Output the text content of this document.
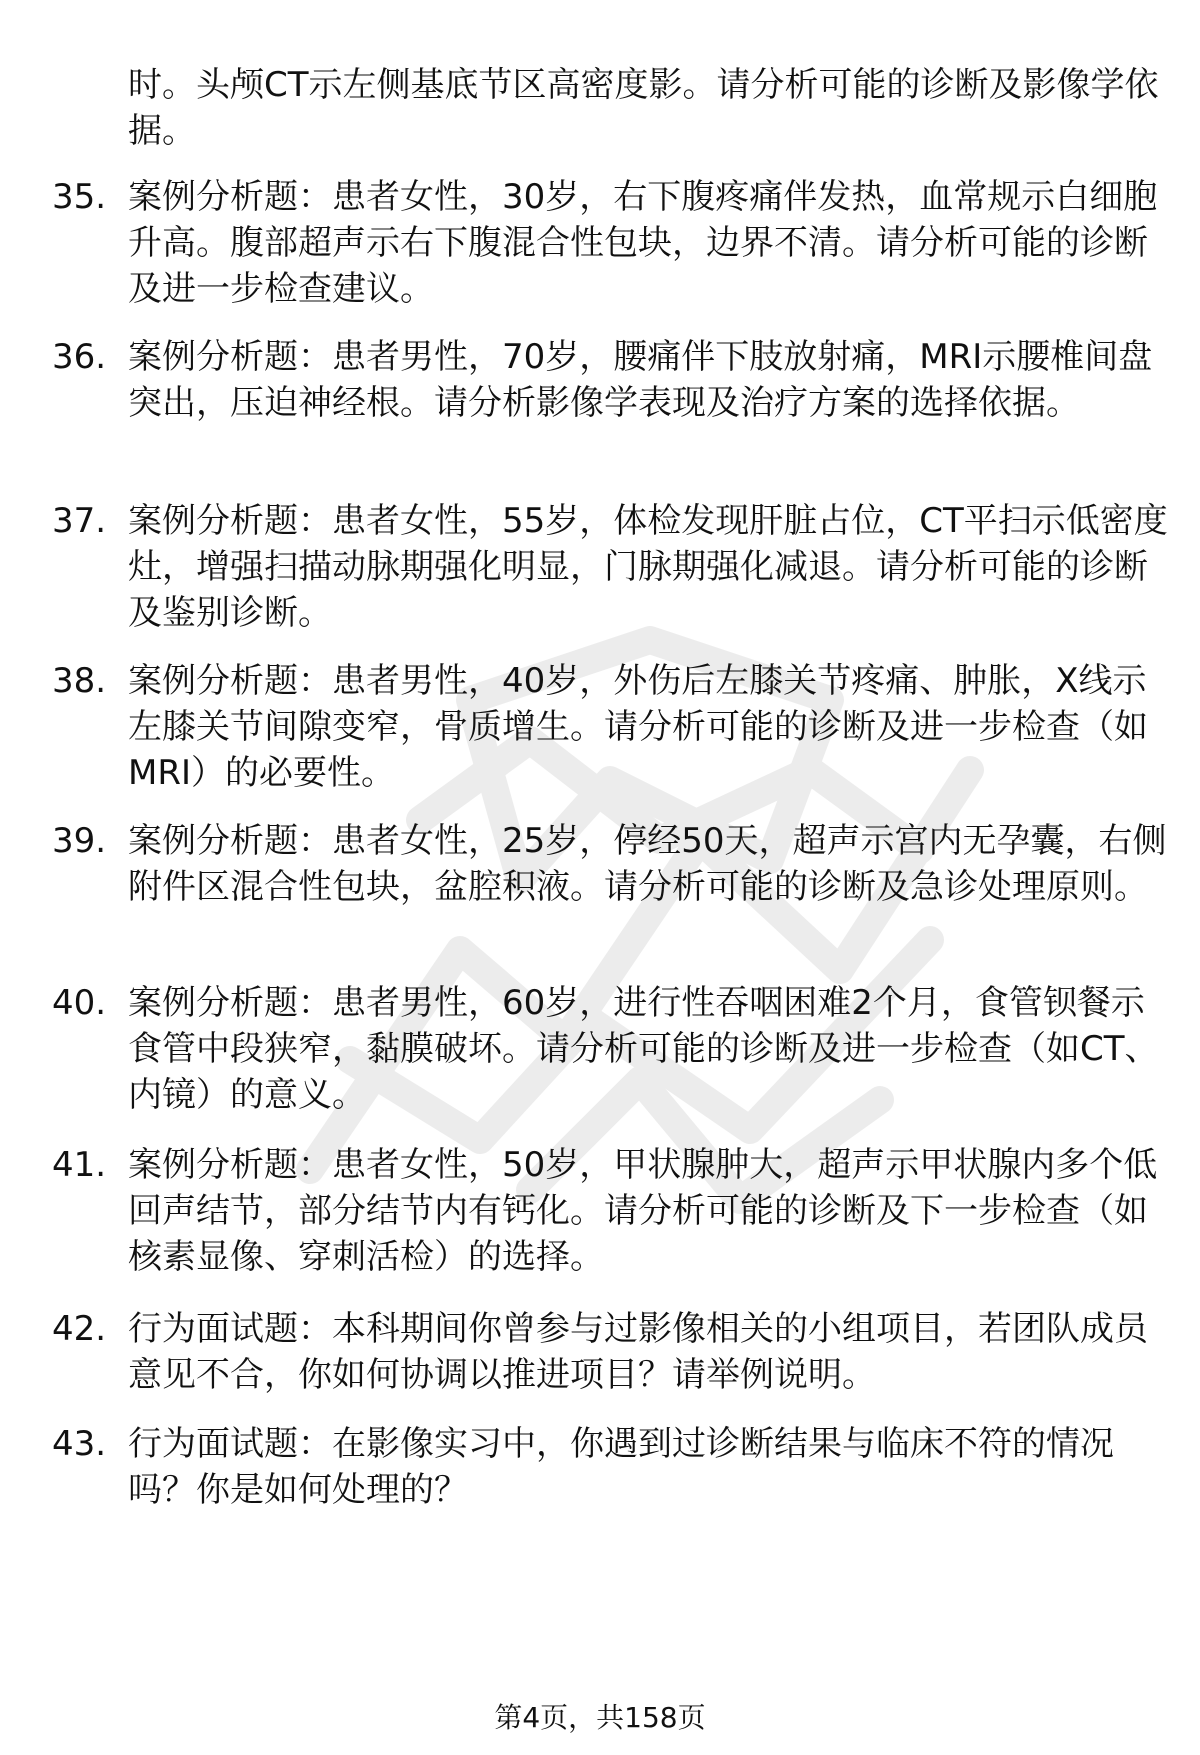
时。头颅CT示左侧基底节区高密度影。请分析可能的诊断及影像学依据。

35. 案例分析题：患者女性，30岁，右下腹疼痛伴发热，血常规示白细胞升高。腹部超声示右下腹混合性包块，边界不清。请分析可能的诊断及进一步检查建议。
36. 案例分析题：患者男性，70岁，腰痛伴下肢放射痛，MRI示腰椎间盘突出，压迫神经根。请分析影像学表现及治疗方案的选择依据。
37. 案例分析题：患者女性，55岁，体检发现肝脏占位，CT平扫示低密度灶，增强扫描动脉期强化明显，门脉期强化减退。请分析可能的诊断及鉴别诊断。
38. 案例分析题：患者男性，40岁，外伤后左膝关节疼痛、肿胀，X线示左膝关节间隙变窄，骨质增生。请分析可能的诊断及进一步检查（如MRI）的必要性。
39. 案例分析题：患者女性，25岁，停经50天，超声示宫内无孕囊，右侧附件区混合性包块，盆腔积液。请分析可能的诊断及急诊处理原则。
40. 案例分析题：患者男性，60岁，进行性吞咽困难2个月，食管钡餐示食管中段狭窄，黏膜破坏。请分析可能的诊断及进一步检查（如CT、内镜）的意义。
41. 案例分析题：患者女性，50岁，甲状腺肿大，超声示甲状腺内多个低回声结节，部分结节内有钙化。请分析可能的诊断及下一步检查（如核素显像、穿刺活检）的选择。
42. 行为面试题：本科期间你曾参与过影像相关的小组项目，若团队成员意见不合，你如何协调以推进项目？请举例说明。
43. 行为面试题：在影像实习中，你遇到过诊断结果与临床不符的情况吗？你是如何处理的？
第4页，共158页
